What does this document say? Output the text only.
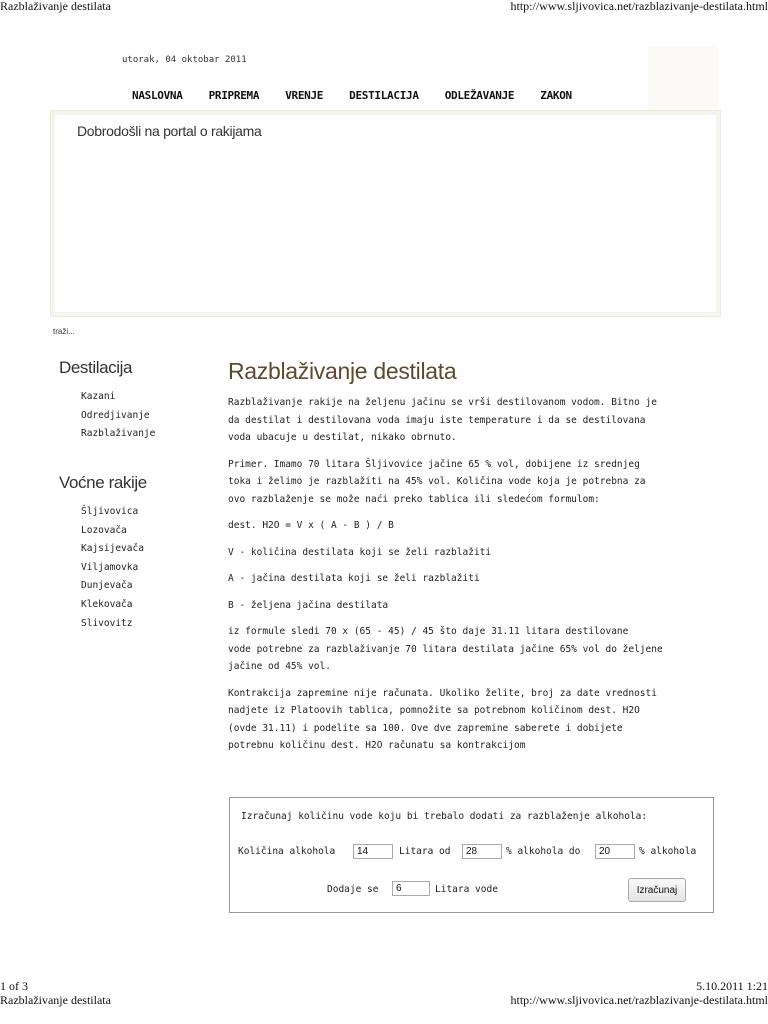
Razblaživanje destilata	http://www.sljivovica.net/razblazivanje-destilata.html
utorak, 04 oktobar 2011
NASLOVNA PRIPREMA VRENJE DESTILACIJA ODLEŽAVANJE ZAKON
Dobrodošli na portal o rakijama
traži...
Destilacija
Kazani
Odredjivanje
Razblaživanje
Voćne rakije
Šljivovica
Lozovača
Kajsijevača
Viljamovka
Dunjevača
Klekovača
Slivovitz
Razblaživanje destilata

Razblaživanje rakije na željenu jačinu se vrši destilovanom vodom. Bitno je

da destilat i destilovana voda imaju iste temperature i da se destilovana

voda ubacuje u destilat, nikako obrnuto.

Primer. Imamo 70 litara Šljivovice jačine 65 % vol, dobijene iz srednjeg

toka i želimo je razblažiti na 45% vol. Količina vode koja je potrebna za

ovo razblaženje se može naći preko tablica ili sledećom formulom:

dest. H2O = V x ( A - B ) / B

V - količina destilata koji se želi razblažiti

A - jačina destilata koji se želi razblažiti

B - željena jačina destilata

iz formule sledi 70 x (65 - 45) / 45 što daje 31.11 litara destilovane

vode potrebne za razblaživanje 70 litara destilata jačine 65% vol do željene

jačine od 45% vol.

Kontrakcija zapremine nije računata. Ukoliko želite, broj za date vrednosti

nadjete iz Platoovih tablica, pomnožite sa potrebnom količinom dest. H2O

(ovde 31.11) i podelite sa 100. Ove dve zapremine saberete i dobijete

potrebnu količinu dest. H2O računatu sa kontrakcijom

Izračunaj količinu vode koju bi trebalo dodati za razblaženje alkohola:
Količina alkohola
14	Litara od
28	% alkohola do
20	% alkohola
Dodaje se
6	Litara vode	Izračunaj
1 of 3	5.10.2011 1:21
Razblaživanje destilata	http://www.sljivovica.net/razblazivanje-destilata.html
